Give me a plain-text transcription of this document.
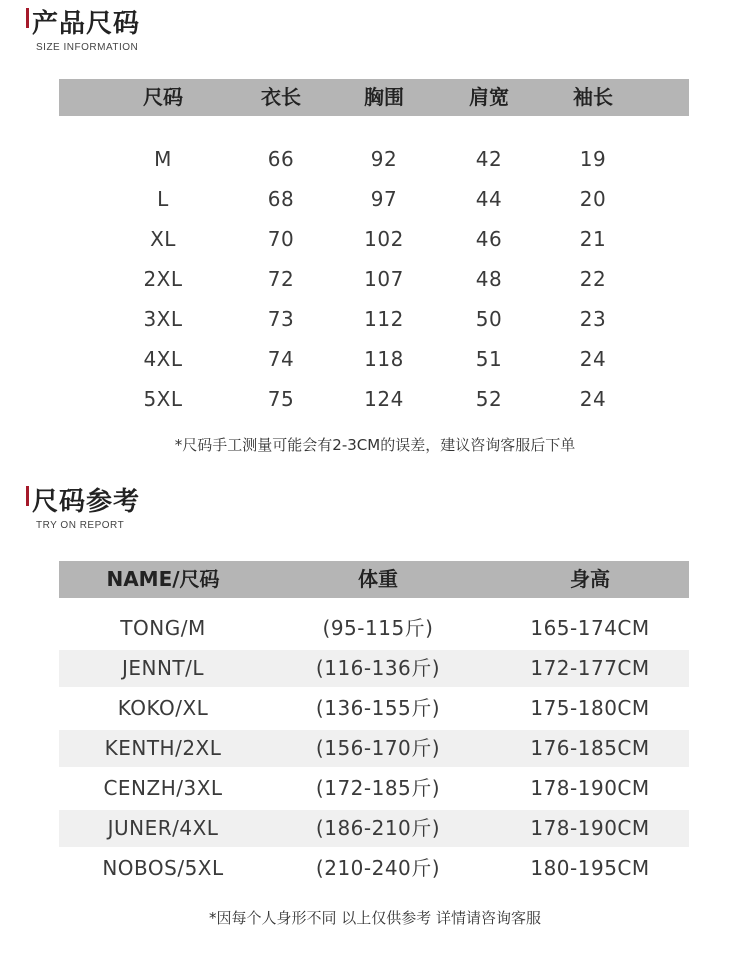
产品尺码
SIZE INFORMATION
尺码	衣长	胸围	肩宽	袖长
M	66	92	42	19
L	68	97	44	20
XL	70	102	46	21
2XL	72	107	48	22
3XL	73	112	50	23
4XL	74	118	51	24
5XL	75	124	52	24
*尺码手工测量可能会有2-3CM的误差，建议咨询客服后下单
尺码参考
TRY ON REPORT
NAME/尺码	体重	身高
TONG/M	(95-115斤)	165-174CM
JENNT/L	(116-136斤)	172-177CM
KOKO/XL	(136-155斤)	175-180CM
KENTH/2XL	(156-170斤)	176-185CM
CENZH/3XL	(172-185斤)	178-190CM
JUNER/4XL	(186-210斤)	178-190CM
NOBOS/5XL	(210-240斤)	180-195CM
*因每个人身形不同 以上仅供参考 详情请咨询客服
